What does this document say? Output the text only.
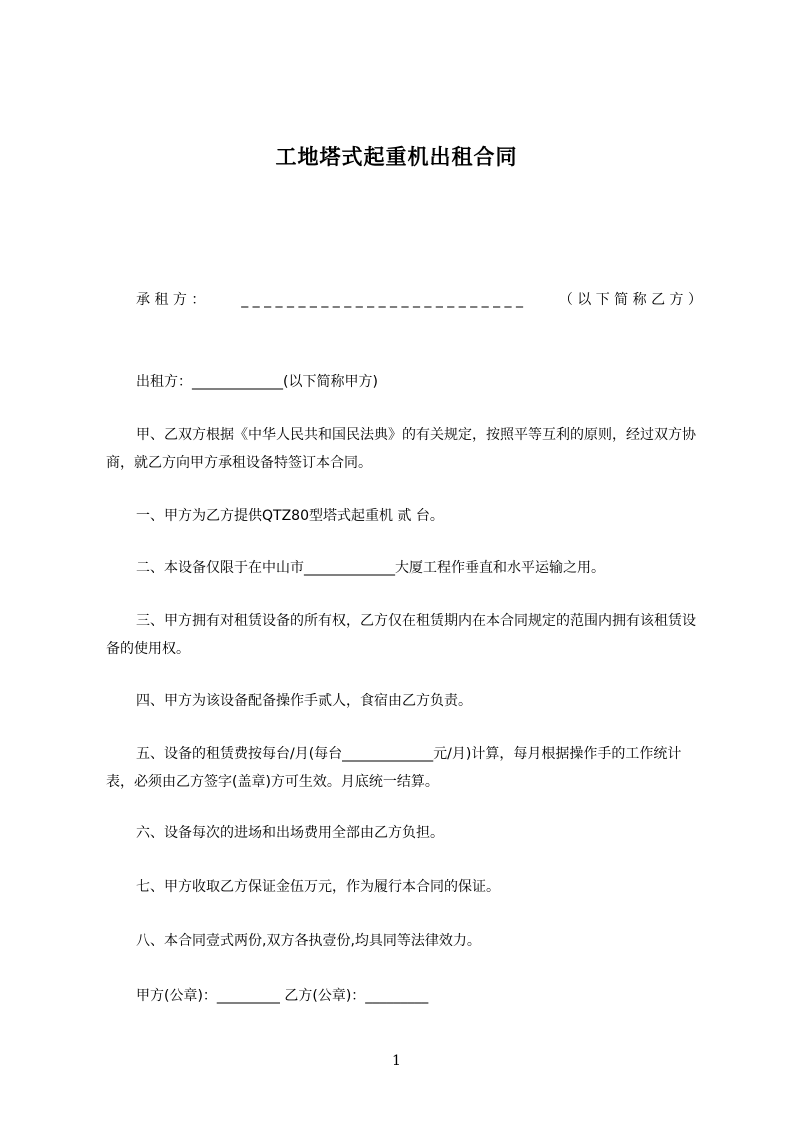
工地塔式起重机出租合同
承 租 方 ：	_ _ _ _ _ _ _ _ _ _ _ _ _ _ _ _ _ _ _ _ _ _ _ _ _	（ 以 下 简 称 乙 方 ）

出租方：_____________(以下简称甲方)

甲、乙双方根据《中华人民共和国民法典》的有关规定，按照平等互利的原则，经过双方协商，就乙方向甲方承租设备特签订本合同。

一、甲方为乙方提供QTZ80型塔式起重机 贰 台。

二、本设备仅限于在中山市_____________大厦工程作垂直和水平运输之用。

三、甲方拥有对租赁设备的所有权，乙方仅在租赁期内在本合同规定的范围内拥有该租赁设备的使用权。

四、甲方为该设备配备操作手贰人，食宿由乙方负责。

五、设备的租赁费按每台/月(每台_____________元/月)计算，每月根据操作手的工作统计表，必须由乙方签字(盖章)方可生效。月底统一结算。

六、设备每次的进场和出场费用全部由乙方负担。

七、甲方收取乙方保证金伍万元，作为履行本合同的保证。

八、本合同壹式两份,双方各执壹份,均具同等法律效力。

甲方(公章)：_________ 乙方(公章)：_________

1
